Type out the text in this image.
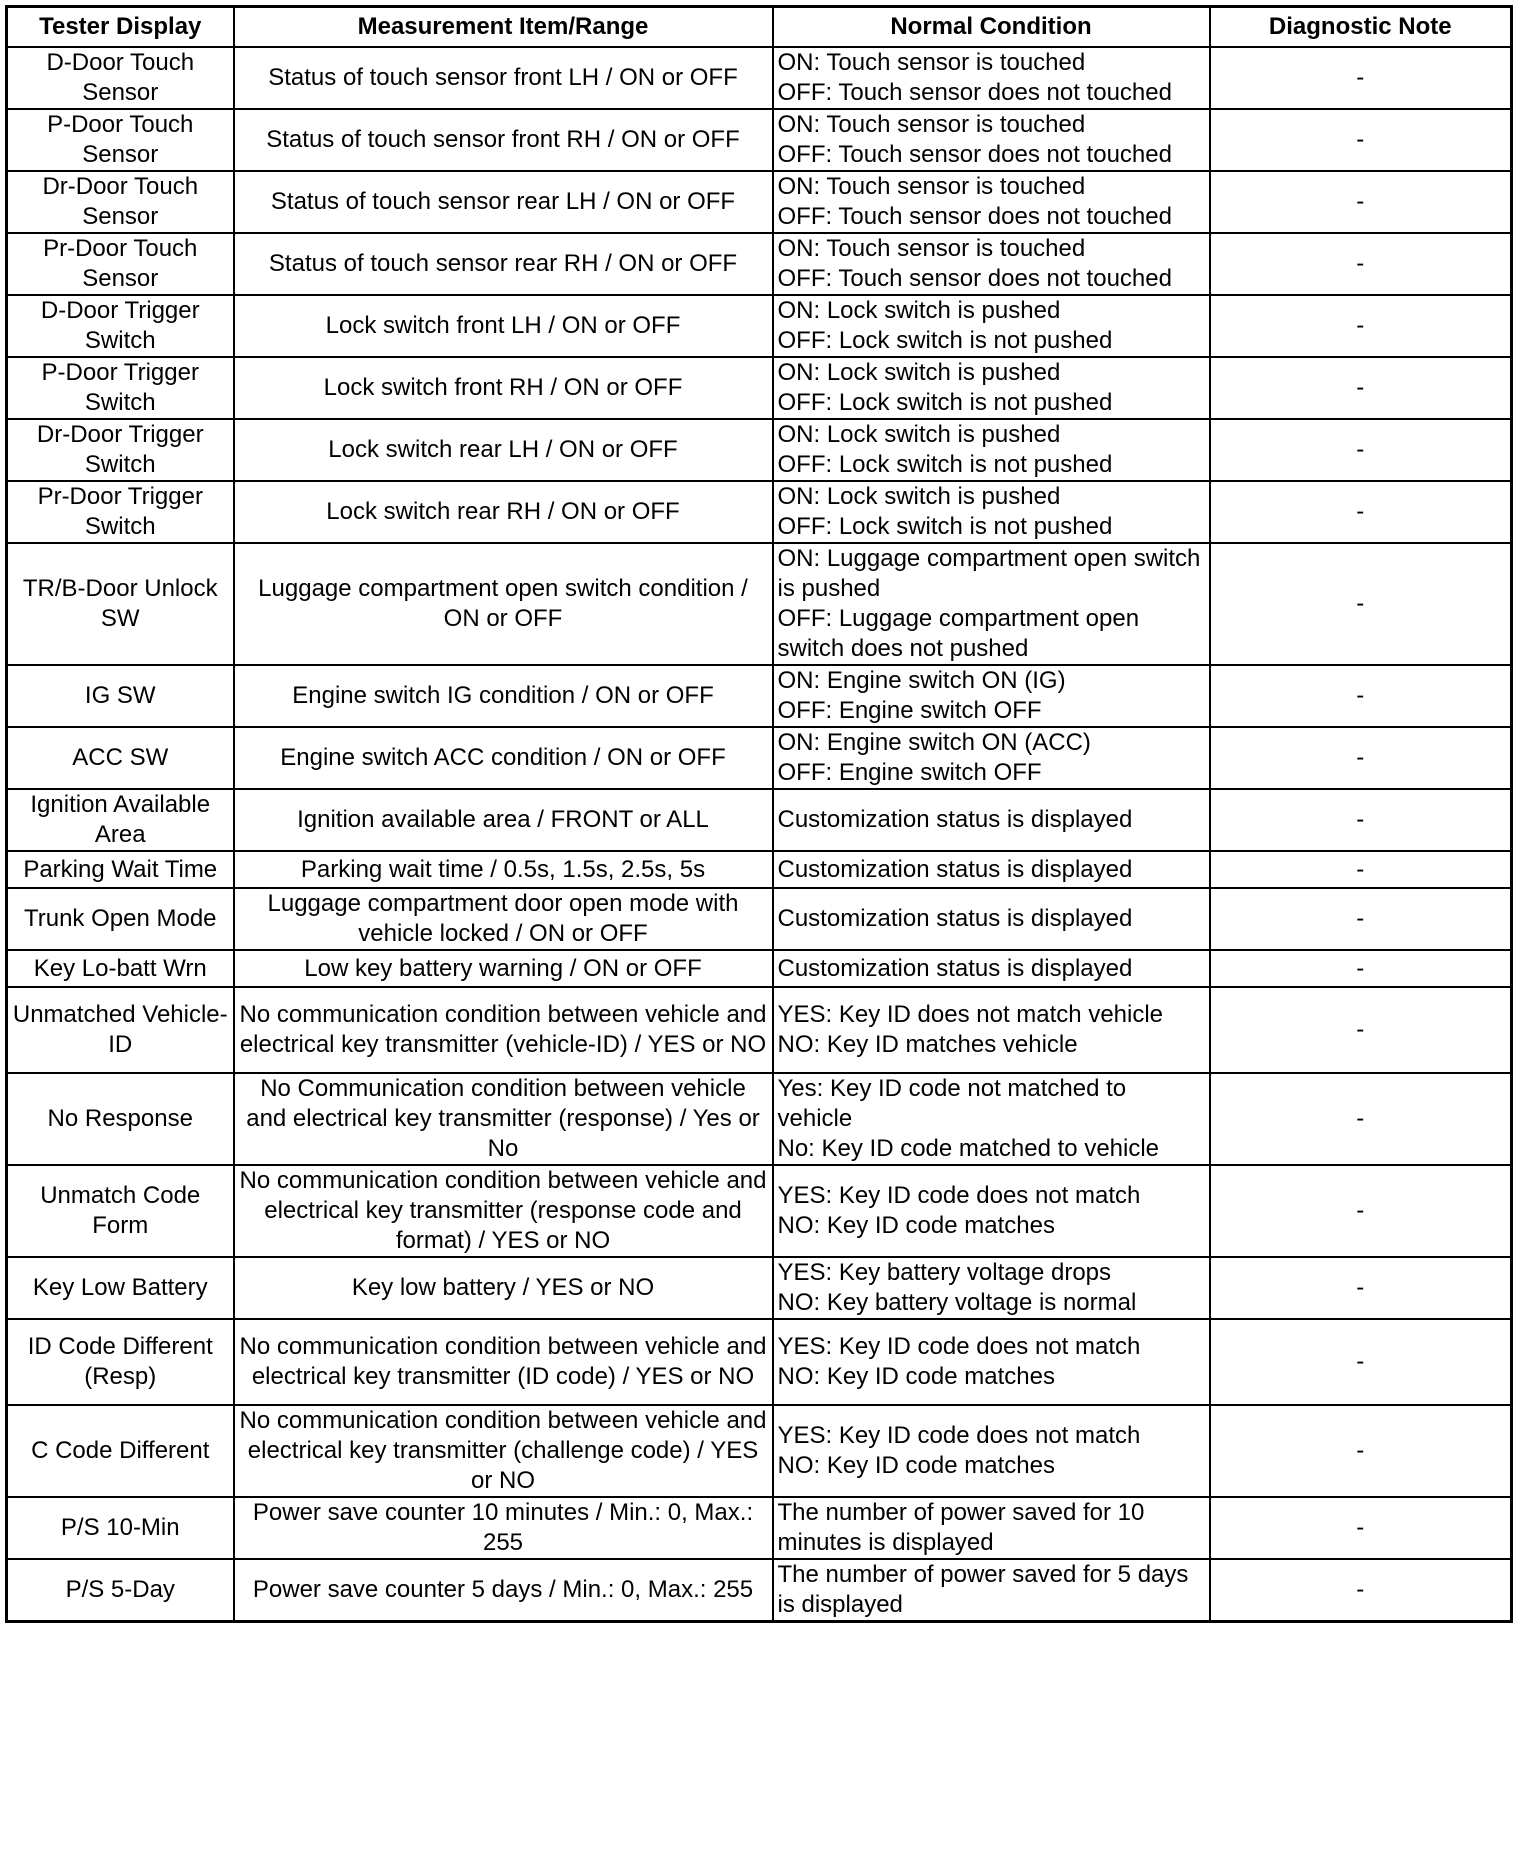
Tester Display	Measurement Item/Range	Normal Condition	Diagnostic Note
D-Door Touch Sensor	Status of touch sensor front LH / ON or OFF	ON: Touch sensor is touched
OFF: Touch sensor does not touched	-
P-Door Touch Sensor	Status of touch sensor front RH / ON or OFF	ON: Touch sensor is touched
OFF: Touch sensor does not touched	-
Dr-Door Touch Sensor	Status of touch sensor rear LH / ON or OFF	ON: Touch sensor is touched
OFF: Touch sensor does not touched	-
Pr-Door Touch Sensor	Status of touch sensor rear RH / ON or OFF	ON: Touch sensor is touched
OFF: Touch sensor does not touched	-
D-Door Trigger Switch	Lock switch front LH / ON or OFF	ON: Lock switch is pushed
OFF: Lock switch is not pushed	-
P-Door Trigger Switch	Lock switch front RH / ON or OFF	ON: Lock switch is pushed
OFF: Lock switch is not pushed	-
Dr-Door Trigger Switch	Lock switch rear LH / ON or OFF	ON: Lock switch is pushed
OFF: Lock switch is not pushed	-
Pr-Door Trigger Switch	Lock switch rear RH / ON or OFF	ON: Lock switch is pushed
OFF: Lock switch is not pushed	-
TR/B-Door Unlock SW	Luggage compartment open switch condition / ON or OFF	ON: Luggage compartment open switch is pushed
OFF: Luggage compartment open switch does not pushed	-
IG SW	Engine switch IG condition / ON or OFF	ON: Engine switch ON (IG)
OFF: Engine switch OFF	-
ACC SW	Engine switch ACC condition / ON or OFF	ON: Engine switch ON (ACC)
OFF: Engine switch OFF	-
Ignition Available Area	Ignition available area / FRONT or ALL	Customization status is displayed	-
Parking Wait Time	Parking wait time / 0.5s, 1.5s, 2.5s, 5s	Customization status is displayed	-
Trunk Open Mode	Luggage compartment door open mode with vehicle locked / ON or OFF	Customization status is displayed	-
Key Lo-batt Wrn	Low key battery warning / ON or OFF	Customization status is displayed	-
Unmatched Vehicle-ID	No communication condition between vehicle and electrical key transmitter (vehicle-ID) / YES or NO	YES: Key ID does not match vehicle
NO: Key ID matches vehicle	-
No Response	No Communication condition between vehicle and electrical key transmitter (response) / Yes or No	Yes: Key ID code not matched to vehicle
No: Key ID code matched to vehicle	-
Unmatch Code Form	No communication condition between vehicle and electrical key transmitter (response code and format) / YES or NO	YES: Key ID code does not match
NO: Key ID code matches	-
Key Low Battery	Key low battery / YES or NO	YES: Key battery voltage drops
NO: Key battery voltage is normal	-
ID Code Different (Resp)	No communication condition between vehicle and electrical key transmitter (ID code) / YES or NO	YES: Key ID code does not match
NO: Key ID code matches	-
C Code Different	No communication condition between vehicle and electrical key transmitter (challenge code) / YES or NO	YES: Key ID code does not match
NO: Key ID code matches	-
P/S 10-Min	Power save counter 10 minutes / Min.: 0, Max.: 255	The number of power saved for 10 minutes is displayed	-
P/S 5-Day	Power save counter 5 days / Min.: 0, Max.: 255	The number of power saved for 5 days is displayed	-
